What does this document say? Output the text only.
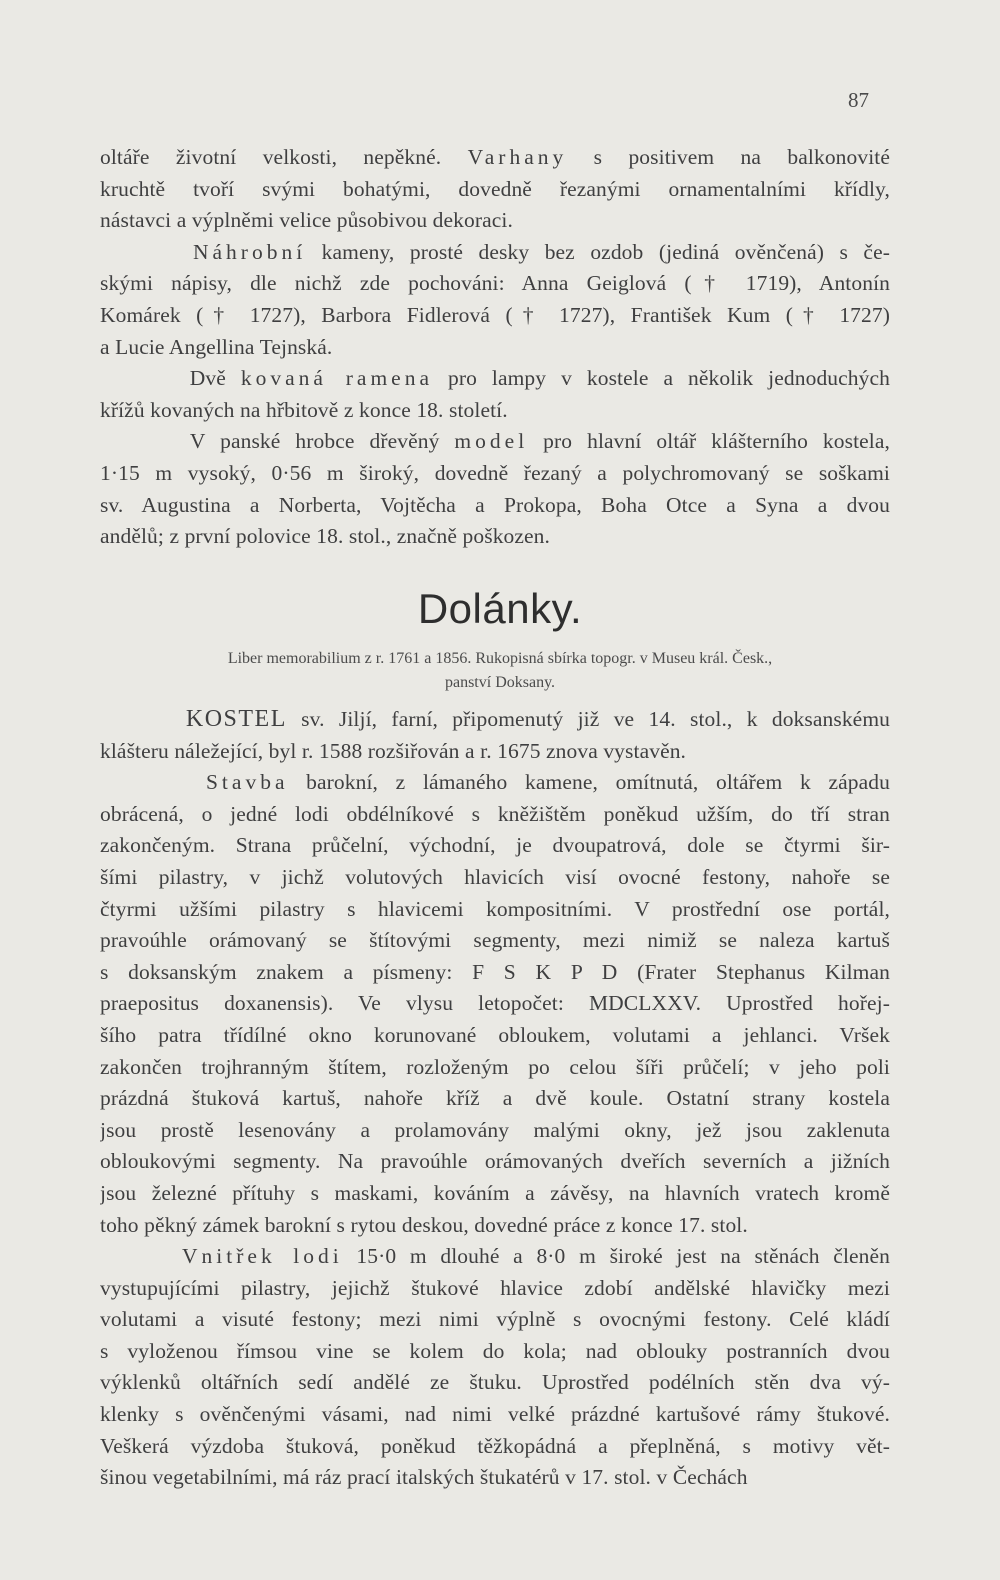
87

oltáře životní velkosti, nepěkné. Varhany s positivem na balkonovité
kruchtě tvoří svými bohatými, dovedně řezanými ornamentalními křídly,
nástavci a výplněmi velice působivou dekoraci.

Náhrobní kameny, prosté desky bez ozdob (jediná ověnčená) s če-
skými nápisy, dle nichž zde pochováni: Anna Geiglová († 1719), Antonín
Komárek († 1727), Barbora Fidlerová († 1727), František Kum († 1727)
a Lucie Angellina Tejnská.

Dvě kovaná ramena pro lampy v kostele a několik jednoduchých
křížů kovaných na hřbitově z konce 18. století.

V panské hrobce dřevěný model pro hlavní oltář klášterního kostela,
1·15 m vysoký, 0·56 m široký, dovedně řezaný a polychromovaný se soškami
sv. Augustina a Norberta, Vojtěcha a Prokopa, Boha Otce a Syna a dvou
andělů; z první polovice 18. stol., značně poškozen.

Dolánky.
Liber memorabilium z r. 1761 a 1856. Rukopisná sbírka topogr. v Museu král. Česk.,
panství Doksany.

KOSTEL sv. Jiljí, farní, připomenutý již ve 14. stol., k doksanskému
klášteru náležející, byl r. 1588 rozšiřován a r. 1675 znova vystavěn.

Stavba barokní, z lámaného kamene, omítnutá, oltářem k západu
obrácená, o jedné lodi obdélníkové s kněžištěm poněkud užším, do tří stran
zakončeným. Strana průčelní, východní, je dvoupatrová, dole se čtyrmi šir-
šími pilastry, v jichž volutových hlavicích visí ovocné festony, nahoře se
čtyrmi užšími pilastry s hlavicemi kompositními. V prostřední ose portál,
pravoúhle orámovaný se štítovými segmenty, mezi nimiž se naleza kartuš
s doksanským znakem a písmeny: F S K P D (Frater Stephanus Kilman
praepositus doxanensis). Ve vlysu letopočet: MDCLXXV. Uprostřed hořej-
šího patra třídílné okno korunované obloukem, volutami a jehlanci. Vršek
zakončen trojhranným štítem, rozloženým po celou šíři průčelí; v jeho poli
prázdná štuková kartuš, nahoře kříž a dvě koule. Ostatní strany kostela
jsou prostě lesenovány a prolamovány malými okny, jež jsou zaklenuta
obloukovými segmenty. Na pravoúhle orámovaných dveřích severních a jižních
jsou železné přítuhy s maskami, kováním a závěsy, na hlavních vratech kromě
toho pěkný zámek barokní s rytou deskou, dovedné práce z konce 17. stol.

Vnitřek lodi 15·0 m dlouhé a 8·0 m široké jest na stěnách členěn
vystupujícími pilastry, jejichž štukové hlavice zdobí andělské hlavičky mezi
volutami a visuté festony; mezi nimi výplně s ovocnými festony. Celé kládí
s vyloženou římsou vine se kolem do kola; nad oblouky postranních dvou
výklenků oltářních sedí andělé ze štuku. Uprostřed podélních stěn dva vý-
klenky s ověnčenými vásami, nad nimi velké prázdné kartušové rámy štukové.
Veškerá výzdoba štuková, poněkud těžkopádná a přeplněná, s motivy vět-
šinou vegetabilními, má ráz prací italských štukatérů v 17. stol. v Čechách
